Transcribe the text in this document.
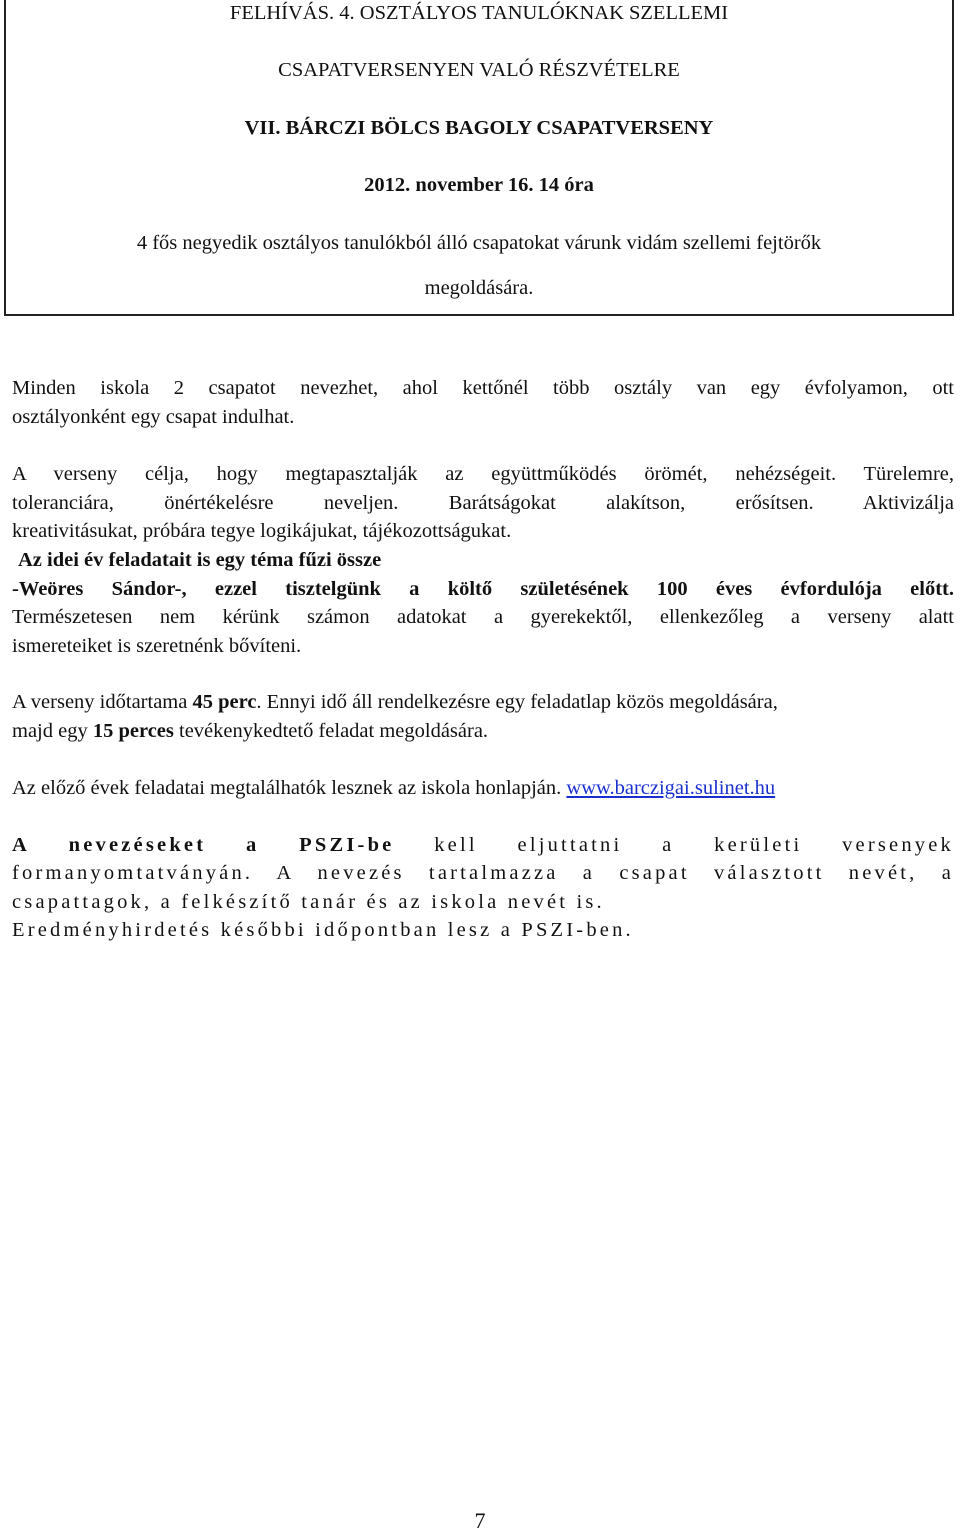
FELHÍVÁS. 4. OSZTÁLYOS TANULÓKNAK SZELLEMI
CSAPATVERSENYEN VALÓ RÉSZVÉTELRE
VII. BÁRCZI BÖLCS BAGOLY CSAPATVERSENY
2012. november 16. 14 óra
4 fős negyedik osztályos tanulókból álló csapatokat várunk vidám szellemi fejtörők
megoldására.
Minden iskola 2 csapatot nevezhet, ahol kettőnél több osztály van egy évfolyamon, ott
osztályonként egy csapat indulhat.
A verseny célja, hogy megtapasztalják az együttműködés örömét, nehézségeit. Türelemre,
toleranciára, önértékelésre neveljen. Barátságokat alakítson, erősítsen. Aktivizálja
kreativitásukat, próbára tegye logikájukat, tájékozottságukat.
Az idei év feladatait is egy téma fűzi össze
-Weöres Sándor-, ezzel tisztelgünk a költő születésének 100 éves évfordulója előtt.
Természetesen nem kérünk számon adatokat a gyerekektől, ellenkezőleg a verseny alatt
ismereteiket is szeretnénk bővíteni.
A verseny időtartama 45 perc. Ennyi idő áll rendelkezésre egy feladatlap közös megoldására,
majd egy 15 perces tevékenykedtető feladat megoldására.
Az előző évek feladatai megtalálhatók lesznek az iskola honlapján. www.barczigai.sulinet.hu
A nevezéseket a PSZI-be kell eljuttatni a kerületi versenyek
formanyomtatványán. A nevezés tartalmazza a csapat választott nevét, a
csapattagok, a felkészítő tanár és az iskola nevét is.
Eredményhirdetés későbbi időpontban lesz a PSZI-ben.
7
